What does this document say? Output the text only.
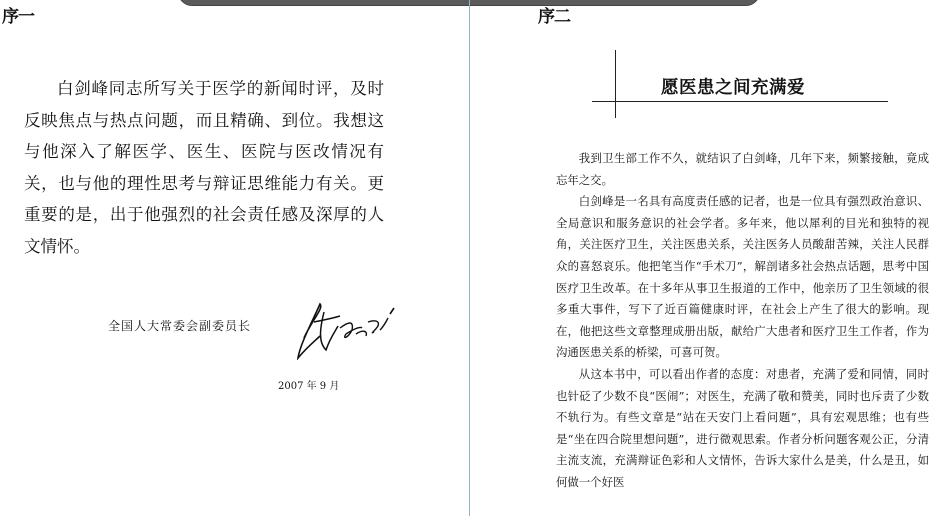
序一

白剑峰同志所写关于医学的新闻时评，及时反映焦点与热点问题，而且精确、到位。我想这与他深入了解医学、医生、医院与医改情况有关，也与他的理性思考与辩证思维能力有关。更重要的是，出于他强烈的社会责任感及深厚的人文情怀。

全国人大常委会副委员长
2007 年 9 月
序二
愿医患之间充满爱

我到卫生部工作不久，就结识了白剑峰，几年下来，频繁接触，竟成忘年之交。

白剑峰是一名具有高度责任感的记者，也是一位具有强烈政治意识、全局意识和服务意识的社会学者。多年来，他以犀利的目光和独特的视角，关注医疗卫生，关注医患关系，关注医务人员酸甜苦辣，关注人民群众的喜怒哀乐。他把笔当作“手术刀”，解剖诸多社会热点话题，思考中国医疗卫生改革。在十多年从事卫生报道的工作中，他亲历了卫生领域的很多重大事件，写下了近百篇健康时评，在社会上产生了很大的影响。现在，他把这些文章整理成册出版，献给广大患者和医疗卫生工作者，作为沟通医患关系的桥梁，可喜可贺。

从这本书中，可以看出作者的态度：对患者，充满了爱和同情，同时也针砭了少数不良“医闹”；对医生，充满了敬和赞美，同时也斥责了少数不轨行为。有些文章是“站在天安门上看问题”，具有宏观思维；也有些是“坐在四合院里想问题”，进行微观思索。作者分析问题客观公正，分清主流支流，充满辩证色彩和人文情怀，告诉大家什么是美，什么是丑，如何做一个好医
